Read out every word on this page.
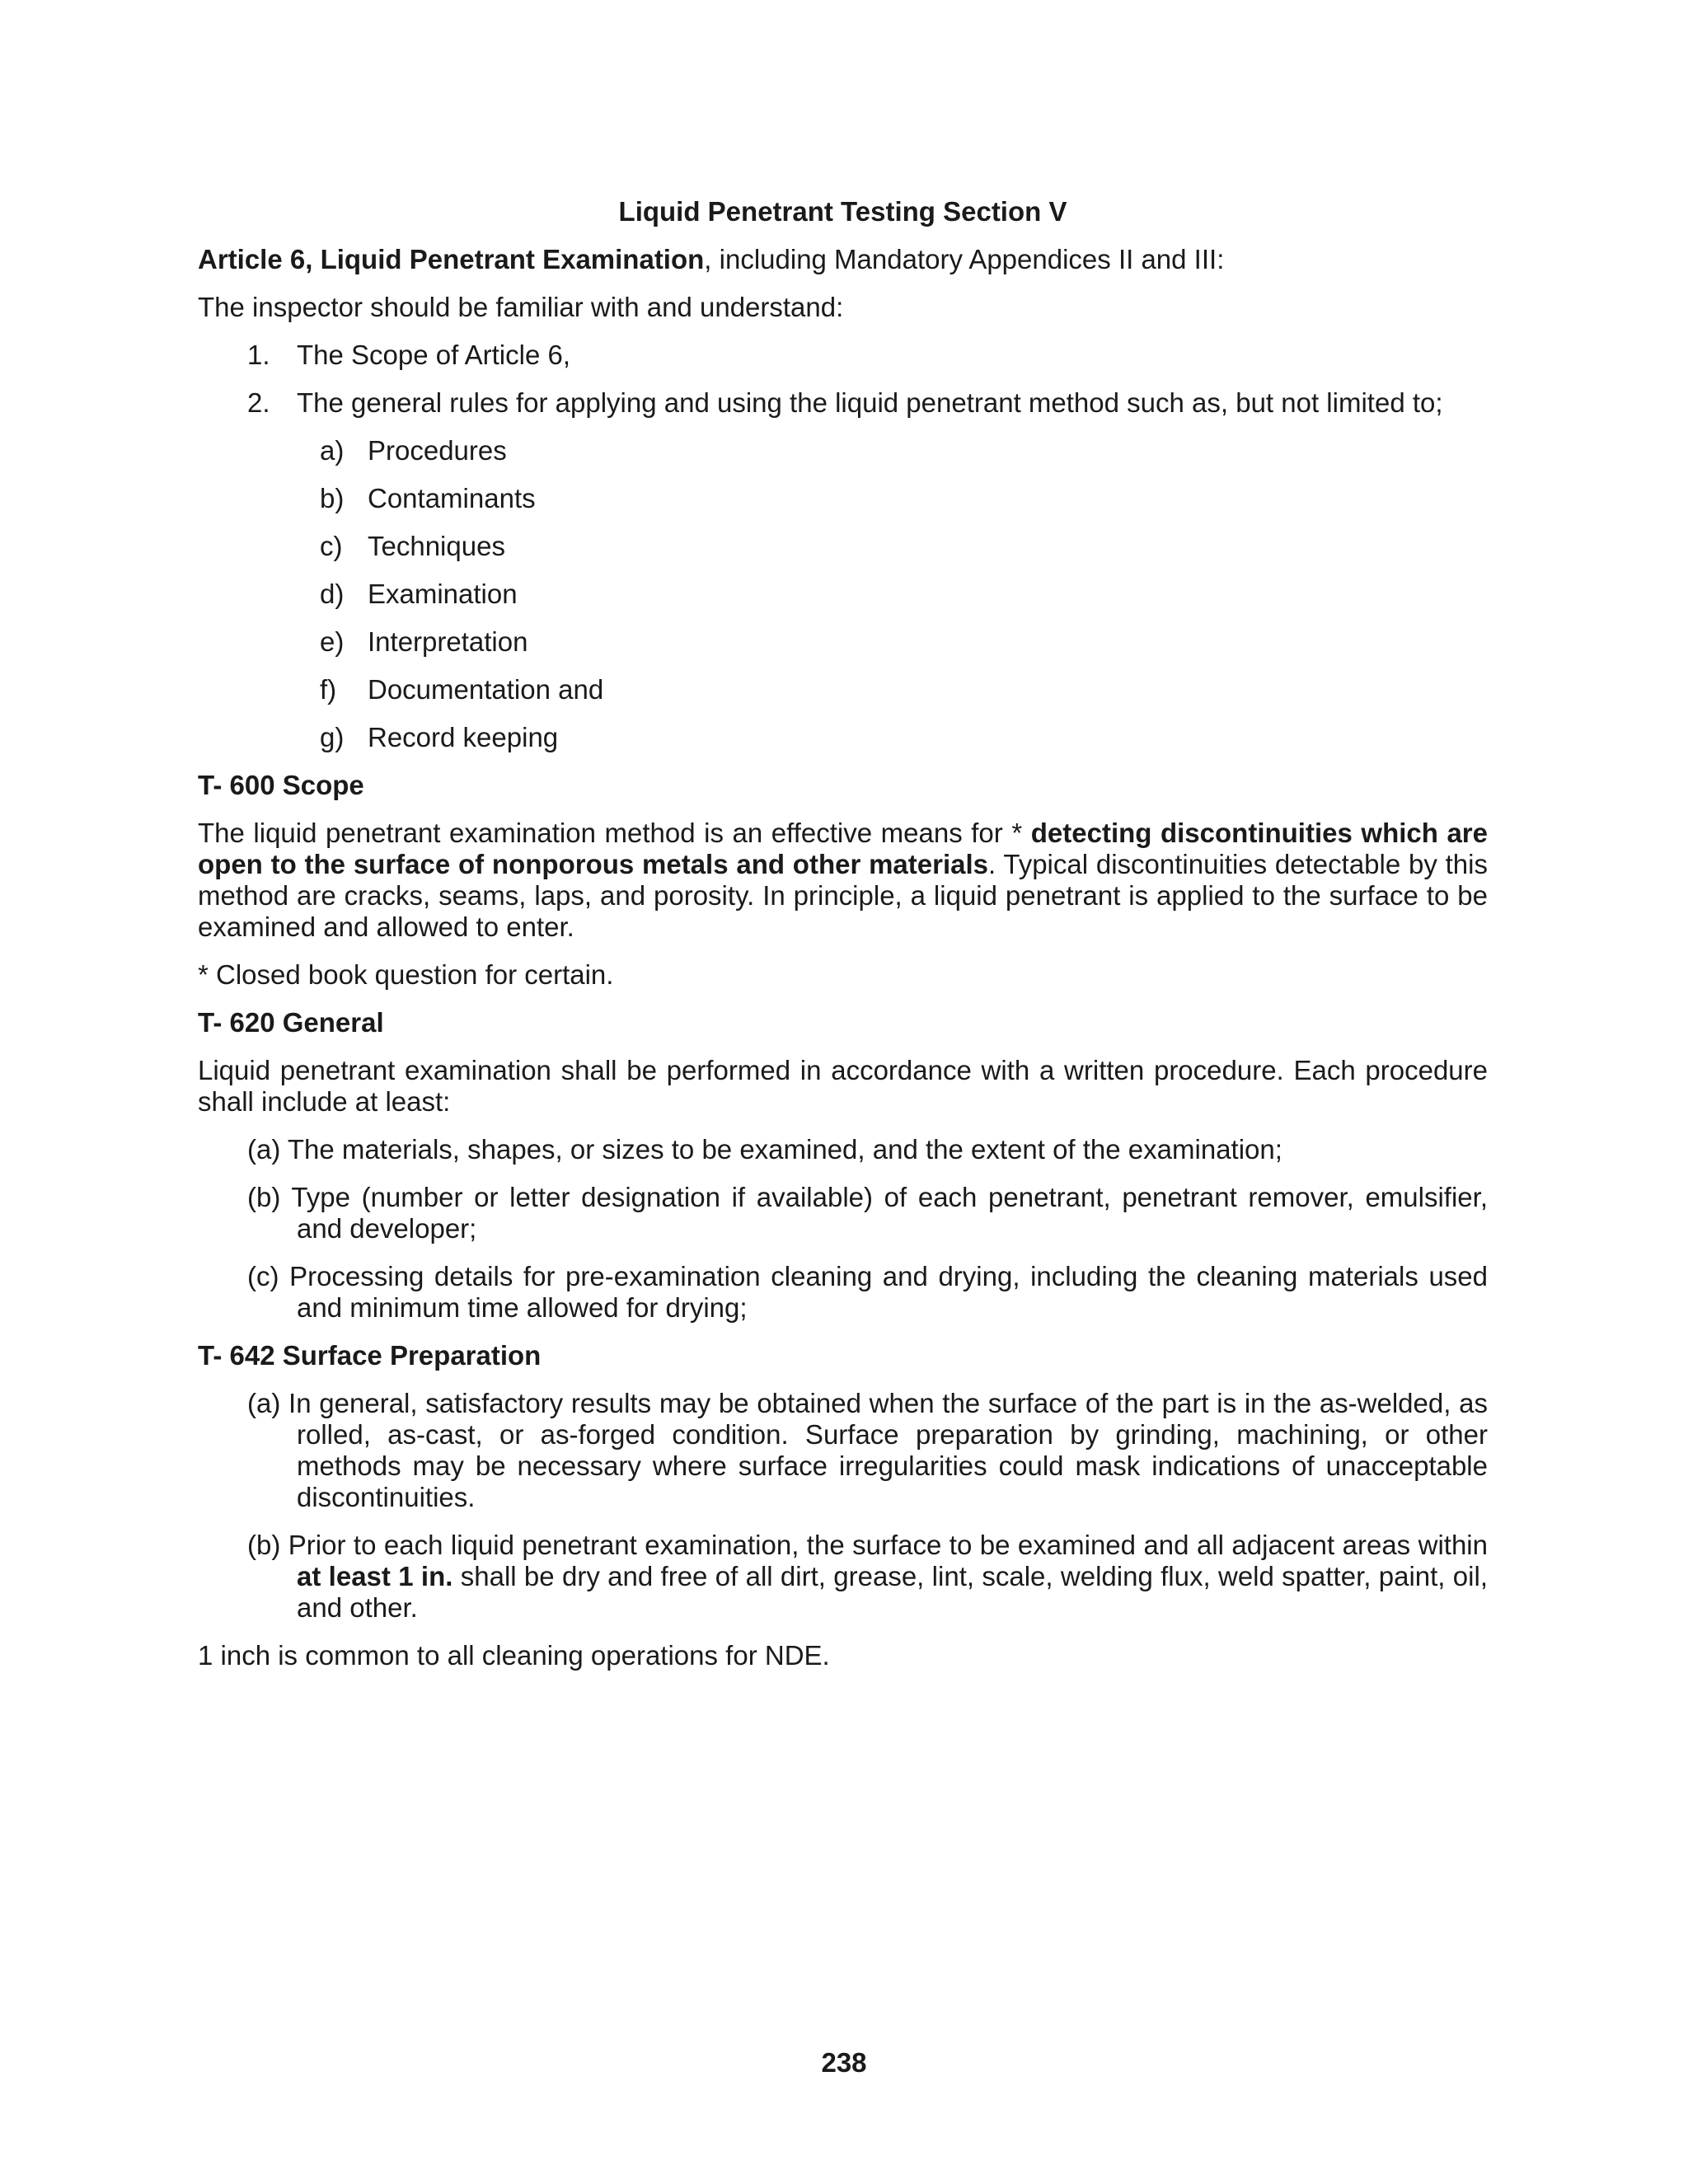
Liquid Penetrant Testing Section V

Article 6, Liquid Penetrant Examination, including Mandatory Appendices II and III:

The inspector should be familiar with and understand:

1. The Scope of Article 6,
2. The general rules for applying and using the liquid penetrant method such as, but not limited to;
a) Procedures
b) Contaminants
c) Techniques
d) Examination
e) Interpretation
f)	Documentation and
g) Record keeping

T- 600 Scope

The liquid penetrant examination method is an effective means for * detecting discontinuities which are open to the surface of nonporous metals and other materials. Typical discontinuities detectable by this method are cracks, seams, laps, and porosity. In principle, a liquid penetrant is applied to the surface to be examined and allowed to enter.

* Closed book question for certain.

T- 620 General

Liquid penetrant examination shall be performed in accordance with a written procedure. Each procedure shall include at least:

(a) The materials, shapes, or sizes to be examined, and the extent of the examination;

(b) Type (number or letter designation if available) of each penetrant, penetrant remover, emulsifier, and developer;

(c) Processing details for pre-examination cleaning and drying, including the cleaning materials used and minimum time allowed for drying;

T- 642 Surface Preparation

(a) In general, satisfactory results may be obtained when the surface of the part is in the as-welded, as rolled, as-cast, or as-forged condition. Surface preparation by grinding, machining, or other methods may be necessary where surface irregularities could mask indications of unacceptable discontinuities.

(b) Prior to each liquid penetrant examination, the surface to be examined and all adjacent areas within at least 1 in. shall be dry and free of all dirt, grease, lint, scale, welding flux, weld spatter, paint, oil, and other.

1 inch is common to all cleaning operations for NDE.

238
